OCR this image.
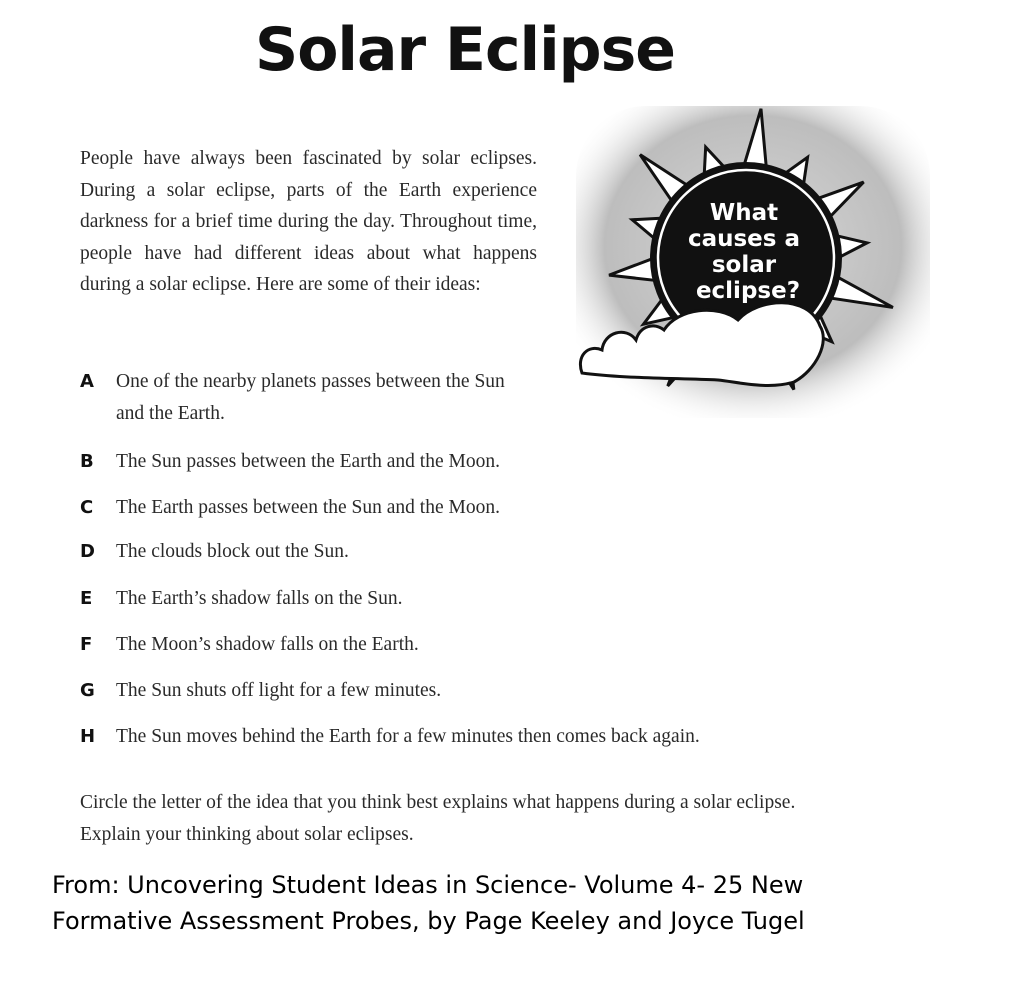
Solar Eclipse

People have always been fascinated by solar eclipses. During a solar eclipse, parts of the Earth experience darkness for a brief time during the day. Throughout time, people have had different ideas about what happens during a solar eclipse. Here are some of their ideas:

What causes a solar eclipse?
A	One of the nearby planets passes between the Sun and the Earth.
B	The Sun passes between the Earth and the Moon.
C	The Earth passes between the Sun and the Moon.
D	The clouds block out the Sun.
E	The Earth’s shadow falls on the Sun.
F	The Moon’s shadow falls on the Earth.
G	The Sun shuts off light for a few minutes.
H	The Sun moves behind the Earth for a few minutes then comes back again.

Circle the letter of the idea that you think best explains what happens during a solar eclipse. Explain your thinking about solar eclipses.

From: Uncovering Student Ideas in Science- Volume 4- 25 New
Formative Assessment Probes, by Page Keeley and Joyce Tugel
